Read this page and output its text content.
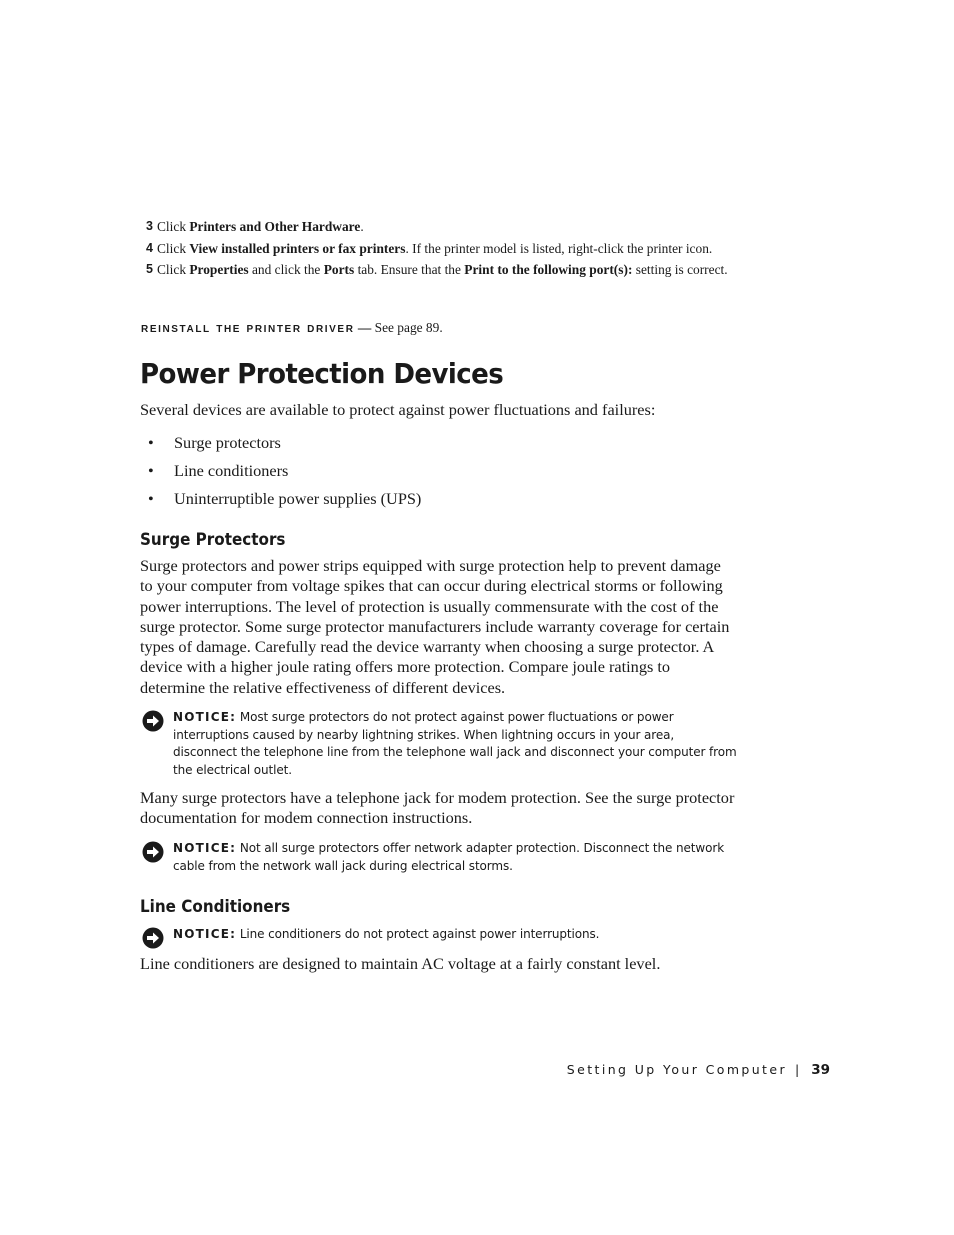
3 Click Printers and Other Hardware.
4 Click View installed printers or fax printers. If the printer model is listed, right-click the printer icon.
5 Click Properties and click the Ports tab. Ensure that the Print to the following port(s): setting is correct.
reinstall the printer driver — See page 89.
Power Protection Devices

Several devices are available to protect against power fluctuations and failures:

• Surge protectors
• Line conditioners
• Uninterruptible power supplies (UPS)
Surge Protectors

Surge protectors and power strips equipped with surge protection help to prevent damage to your computer from voltage spikes that can occur during electrical storms or following power interruptions. The level of protection is usually commensurate with the cost of the surge protector. Some surge protector manufacturers include warranty coverage for certain types of damage. Carefully read the device warranty when choosing a surge protector. A device with a higher joule rating offers more protection. Compare joule ratings to determine the relative effectiveness of different devices.

NOTICE: Most surge protectors do not protect against power fluctuations or power interruptions caused by nearby lightning strikes. When lightning occurs in your area, disconnect the telephone line from the telephone wall jack and disconnect your computer from the electrical outlet.

Many surge protectors have a telephone jack for modem protection. See the surge protector documentation for modem connection instructions.

NOTICE: Not all surge protectors offer network adapter protection. Disconnect the network cable from the network wall jack during electrical storms.
Line Conditioners
NOTICE: Line conditioners do not protect against power interruptions.

Line conditioners are designed to maintain AC voltage at a fairly constant level.

Setting Up Your Computer | 39
